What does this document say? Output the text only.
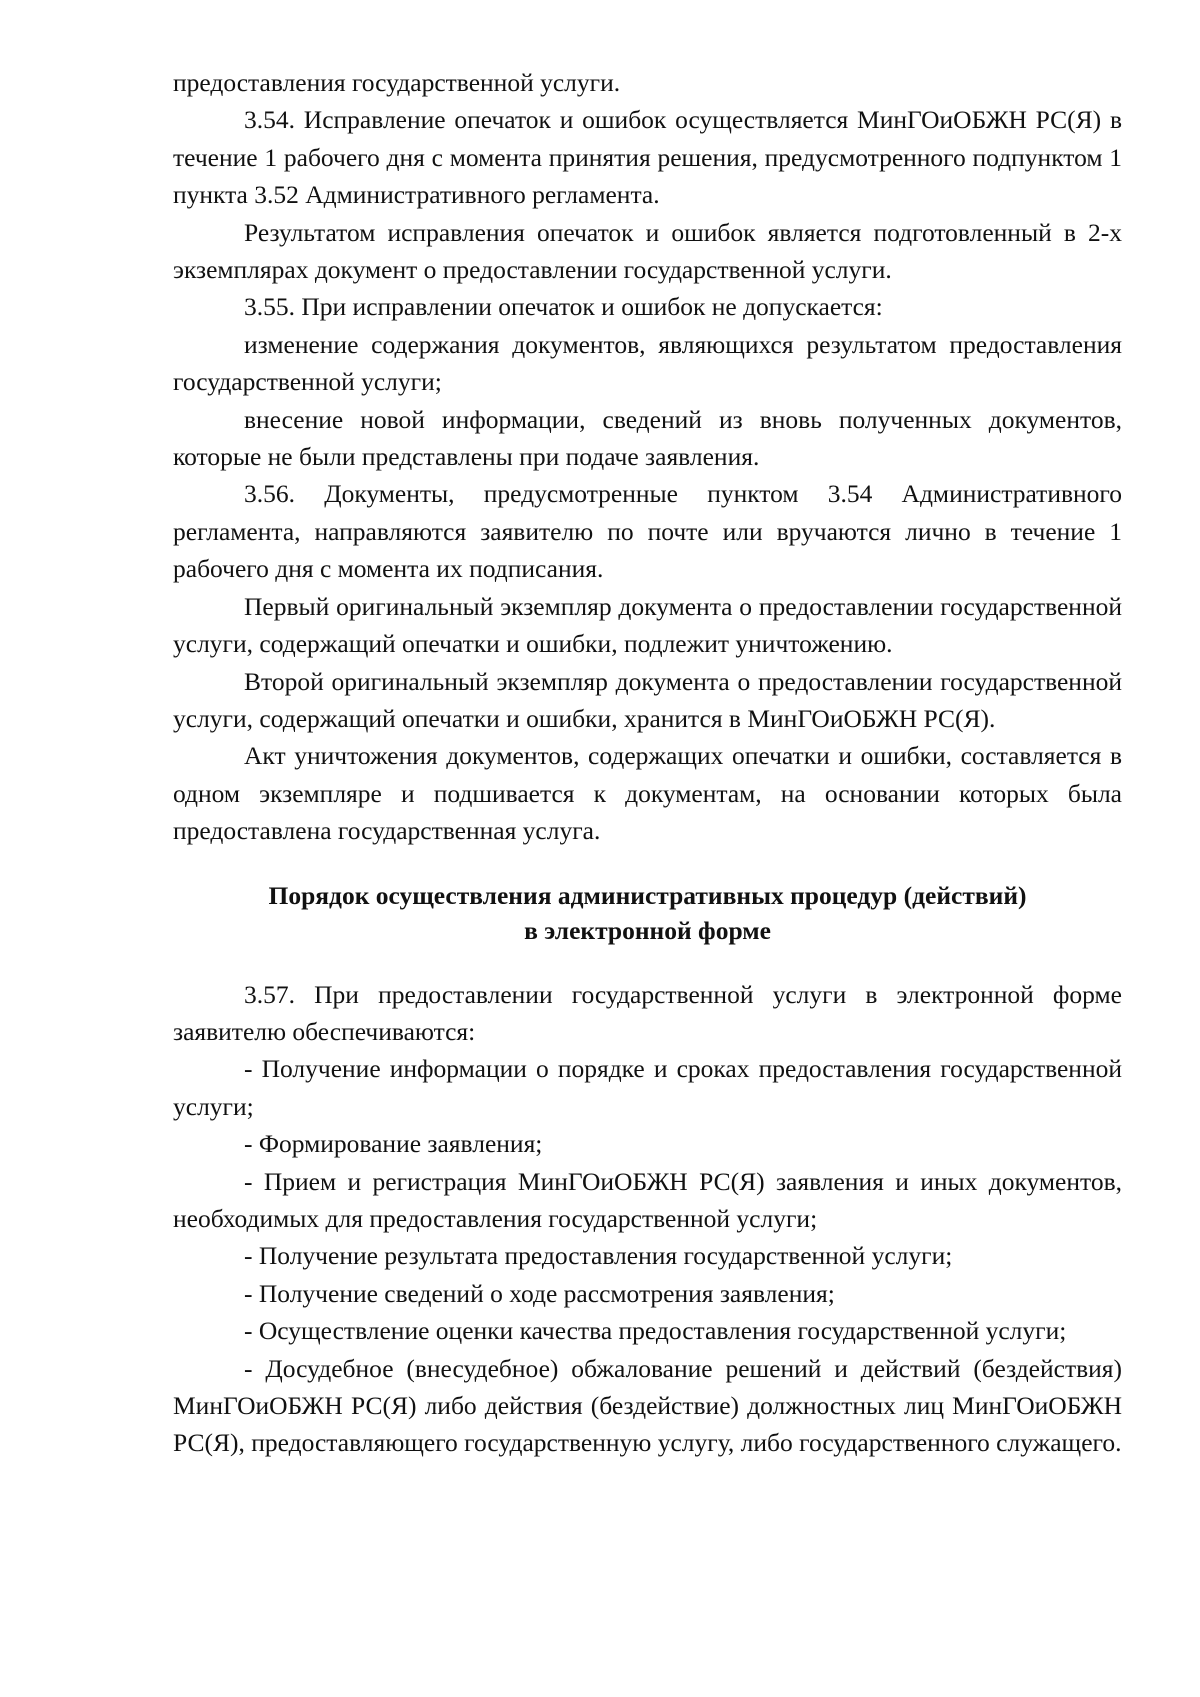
предоставления государственной услуги.

3.54. Исправление опечаток и ошибок осуществляется МинГОиОБЖН РС(Я) в течение 1 рабочего дня с момента принятия решения, предусмотренного подпунктом 1 пункта 3.52 Административного регламента.

Результатом исправления опечаток и ошибок является подготовленный в 2-х экземплярах документ о предоставлении государственной услуги.

3.55. При исправлении опечаток и ошибок не допускается:

изменение содержания документов, являющихся результатом предоставления государственной услуги;

внесение новой информации, сведений из вновь полученных документов, которые не были представлены при подаче заявления.

3.56. Документы, предусмотренные пунктом 3.54 Административного регламента, направляются заявителю по почте или вручаются лично в течение 1 рабочего дня с момента их подписания.

Первый оригинальный экземпляр документа о предоставлении государственной услуги, содержащий опечатки и ошибки, подлежит уничтожению.

Второй оригинальный экземпляр документа о предоставлении государственной услуги, содержащий опечатки и ошибки, хранится в МинГОиОБЖН РС(Я).

Акт уничтожения документов, содержащих опечатки и ошибки, составляется в одном экземпляре и подшивается к документам, на основании которых была предоставлена государственная услуга.

Порядок осуществления административных процедур (действий)
в электронной форме

3.57. При предоставлении государственной услуги в электронной форме заявителю обеспечиваются:

- Получение информации о порядке и сроках предоставления государственной услуги;

- Формирование заявления;

- Прием и регистрация МинГОиОБЖН РС(Я) заявления и иных документов, необходимых для предоставления государственной услуги;

- Получение результата предоставления государственной услуги;

- Получение сведений о ходе рассмотрения заявления;

- Осуществление оценки качества предоставления государственной услуги;

- Досудебное (внесудебное) обжалование решений и действий (бездействия) МинГОиОБЖН РС(Я) либо действия (бездействие) должностных лиц МинГОиОБЖН РС(Я), предоставляющего государственную услугу, либо государственного служащего.
